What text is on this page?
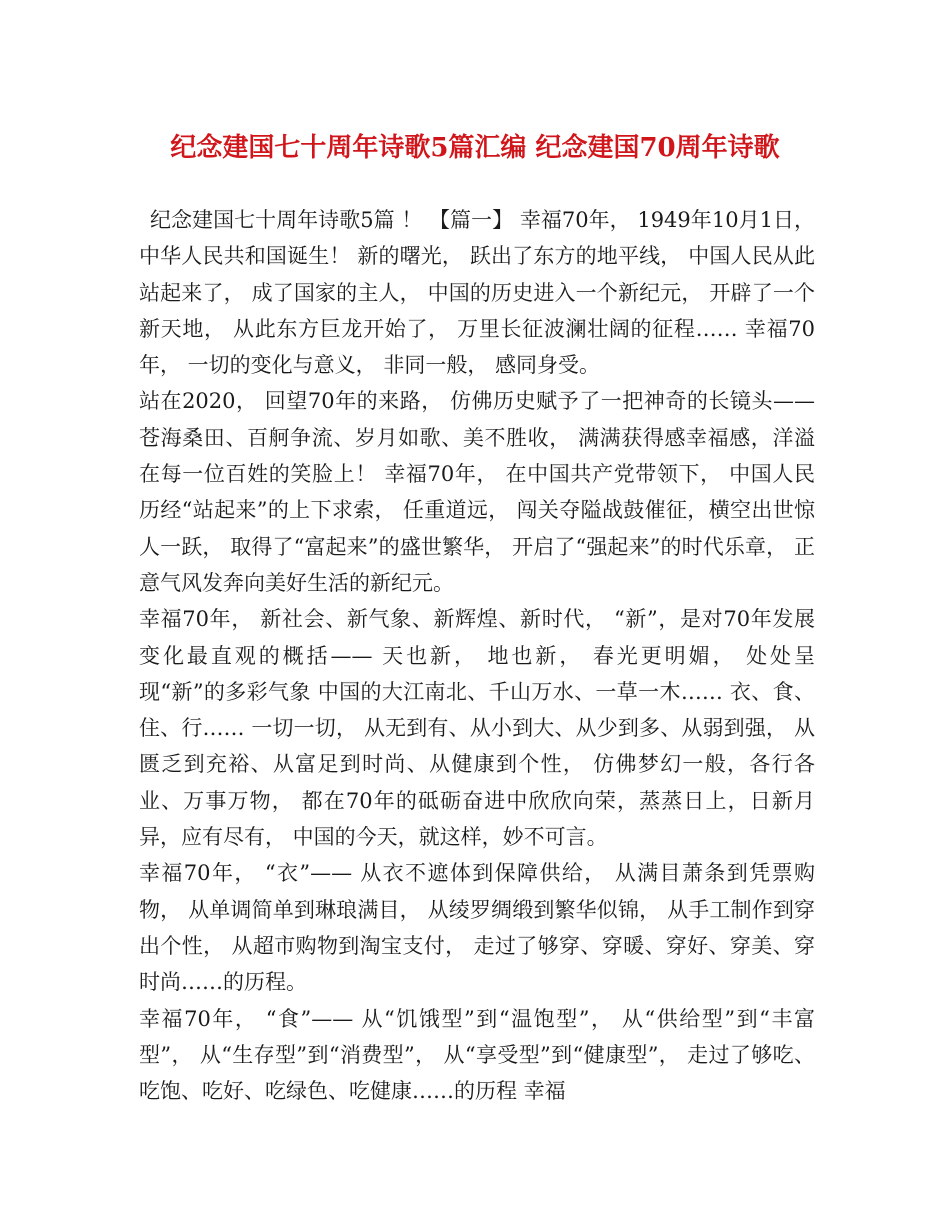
纪念建国七十周年诗歌5篇汇编 纪念建国70周年诗歌

纪念建国七十周年诗歌5篇 ！ 【篇一】 幸福70年， 1949年10月1日， 中华人民共和国诞生！ 新的曙光， 跃出了东方的地平线， 中国人民从此站起来了， 成了国家的主人， 中国的历史进入一个新纪元， 开辟了一个新天地， 从此东方巨龙开始了， 万里长征波澜壮阔的征程…… 幸福70年， 一切的变化与意义， 非同一般， 感同身受。

站在2020， 回望70年的来路， 仿佛历史赋予了一把神奇的长镜头—— 苍海桑田、百舸争流、岁月如歌、美不胜收， 满满获得感幸福感，洋溢在每一位百姓的笑脸上！ 幸福70年， 在中国共产党带领下， 中国人民历经“站起来”的上下求索， 任重道远， 闯关夺隘战鼓催征，横空出世惊人一跃， 取得了“富起来”的盛世繁华， 开启了“强起来”的时代乐章， 正意气风发奔向美好生活的新纪元。

幸福70年， 新社会、新气象、新辉煌、新时代， “新”，是对70年发展变化最直观的概括—— 天也新， 地也新， 春光更明媚， 处处呈现“新”的多彩气象 中国的大江南北、千山万水、一草一木…… 衣、食、住、行…… 一切一切， 从无到有、从小到大、从少到多、从弱到强， 从匮乏到充裕、从富足到时尚、从健康到个性， 仿佛梦幻一般，各行各业、万事万物， 都在70年的砥砺奋进中欣欣向荣，蒸蒸日上，日新月异，应有尽有， 中国的今天，就这样，妙不可言。

幸福70年， “衣”—— 从衣不遮体到保障供给， 从满目萧条到凭票购物， 从单调简单到琳琅满目， 从绫罗绸缎到繁华似锦， 从手工制作到穿出个性， 从超市购物到淘宝支付， 走过了够穿、穿暖、穿好、穿美、穿时尚……的历程。

幸福70年， “食”—— 从“饥饿型”到“温饱型”， 从“供给型”到“丰富型”， 从“生存型”到“消费型”， 从“享受型”到“健康型”， 走过了够吃、吃饱、吃好、吃绿色、吃健康……的历程 幸福
